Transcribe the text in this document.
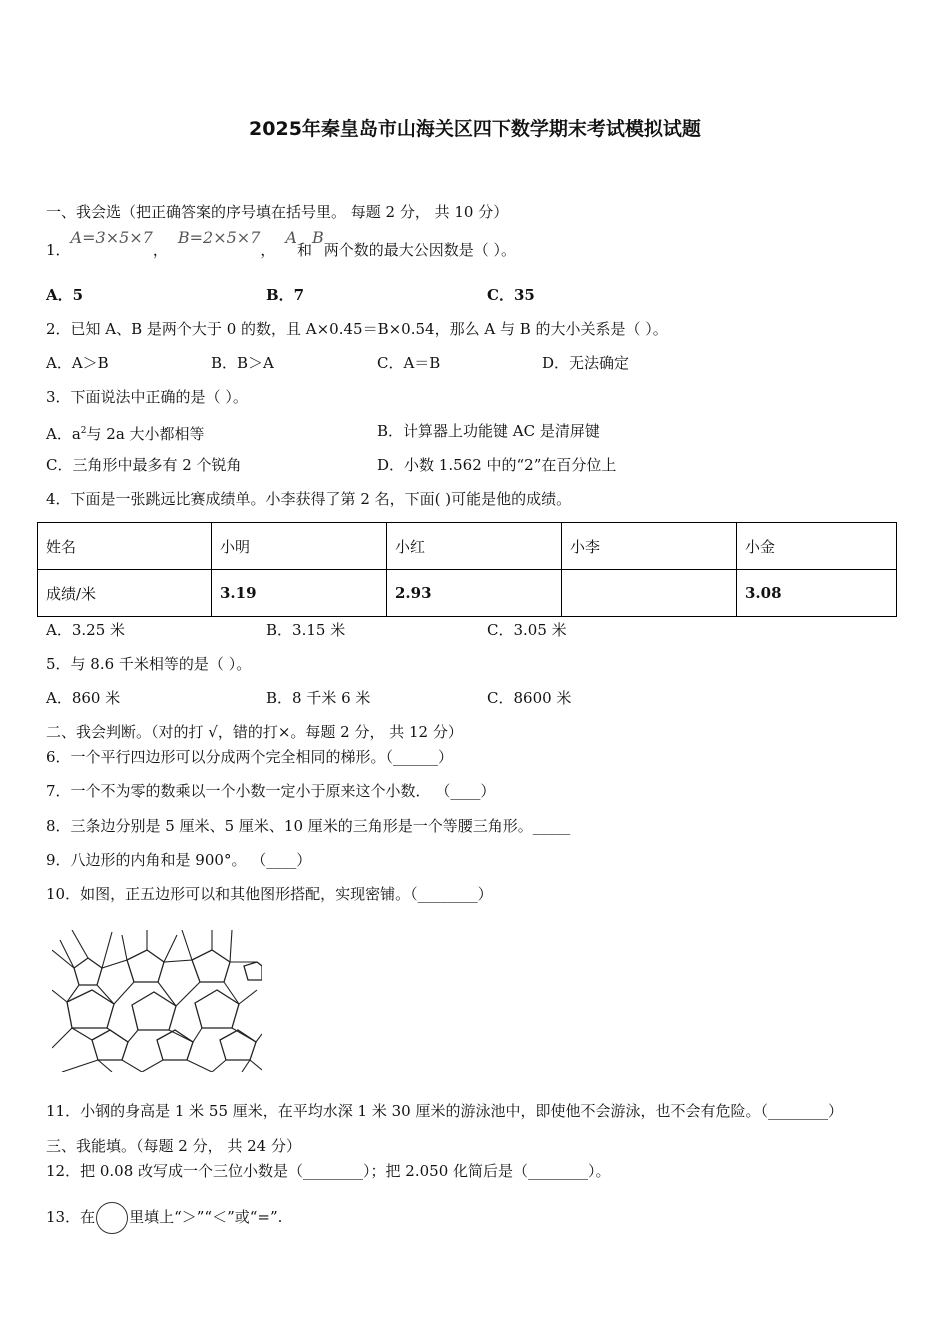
2025年秦皇岛市山海关区四下数学期末考试模拟试题
一、我会选（把正确答案的序号填在括号里。 每题 2 分， 共 10 分）
1．A=3×5×7，B=2×5×7，A和B两个数的最大公因数是（ ）。
A．5	B．7	C．35
2．已知 A、B 是两个大于 0 的数，且 A×0.45＝B×0.54，那么 A 与 B 的大小关系是（ ）。
A．A＞B	B．B＞A	C．A＝B	D．无法确定
3．下面说法中正确的是（ ）。
A．$a^2$与 2a 大小都相等	B．计算器上功能键 AC 是清屏键
C．三角形中最多有 2 个锐角	D．小数 1.562 中的“2”在百分位上
4．下面是一张跳远比赛成绩单。小李获得了第 2 名，下面( )可能是他的成绩。
姓名	小明	小红	小李	小金
成绩/米	3.19	2.93		3.08
A．3.25 米	B．3.15 米	C．3.05 米
5．与 8.6 千米相等的是（ ）。
A．860 米	B．8 千米 6 米	C．8600 米
二、我会判断。（对的打 √，错的打×。每题 2 分， 共 12 分）
6．一个平行四边形可以分成两个完全相同的梯形。（______）
7．一个不为零的数乘以一个小数一定小于原来这个小数． （____）
8．三条边分别是 5 厘米、5 厘米、10 厘米的三角形是一个等腰三角形。_____
9．八边形的内角和是 900°。 （____）
10．如图，正五边形可以和其他图形搭配，实现密铺。（________）
11．小钢的身高是 1 米 55 厘米，在平均水深 1 米 30 厘米的游泳池中，即使他不会游泳，也不会有危险。（________）
三、我能填。（每题 2 分， 共 24 分）
12．把 0.08 改写成一个三位小数是（________）；把 2.050 化简后是（________）。
13．在 里填上“＞”“＜”或“=”.
